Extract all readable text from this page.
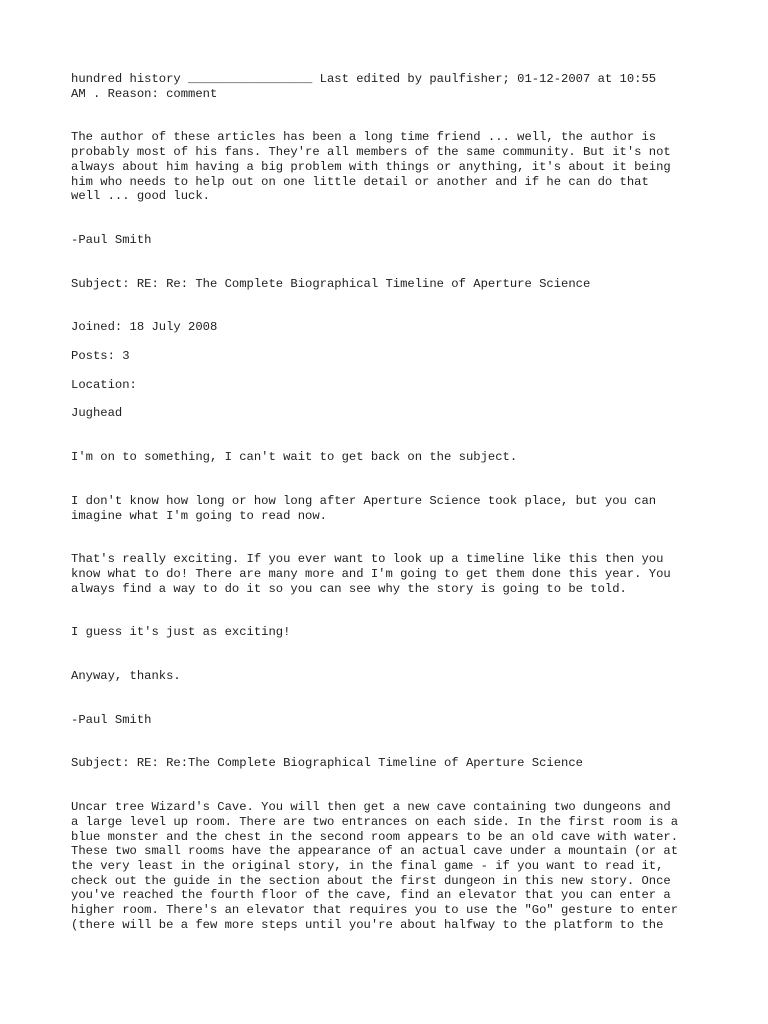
hundred history _________________ Last edited by paulfisher; 01-12-2007 at 10:55
AM . Reason: comment

The author of these articles has been a long time friend ... well, the author is
probably most of his fans. They're all members of the same community. But it's not
always about him having a big problem with things or anything, it's about it being
him who needs to help out on one little detail or another and if he can do that
well ... good luck.

-Paul Smith

Subject: RE: Re: The Complete Biographical Timeline of Aperture Science

Joined: 18 July 2008

Posts: 3

Location:

Jughead

I'm on to something, I can't wait to get back on the subject.

I don't know how long or how long after Aperture Science took place, but you can
imagine what I'm going to read now.

That's really exciting. If you ever want to look up a timeline like this then you
know what to do! There are many more and I'm going to get them done this year. You
always find a way to do it so you can see why the story is going to be told.

I guess it's just as exciting!

Anyway, thanks.

-Paul Smith

Subject: RE: Re:The Complete Biographical Timeline of Aperture Science

Uncar tree Wizard's Cave. You will then get a new cave containing two dungeons and
a large level up room. There are two entrances on each side. In the first room is a
blue monster and the chest in the second room appears to be an old cave with water.
These two small rooms have the appearance of an actual cave under a mountain (or at
the very least in the original story, in the final game - if you want to read it,
check out the guide in the section about the first dungeon in this new story. Once
you've reached the fourth floor of the cave, find an elevator that you can enter a
higher room. There's an elevator that requires you to use the "Go" gesture to enter
(there will be a few more steps until you're about halfway to the platform to the
